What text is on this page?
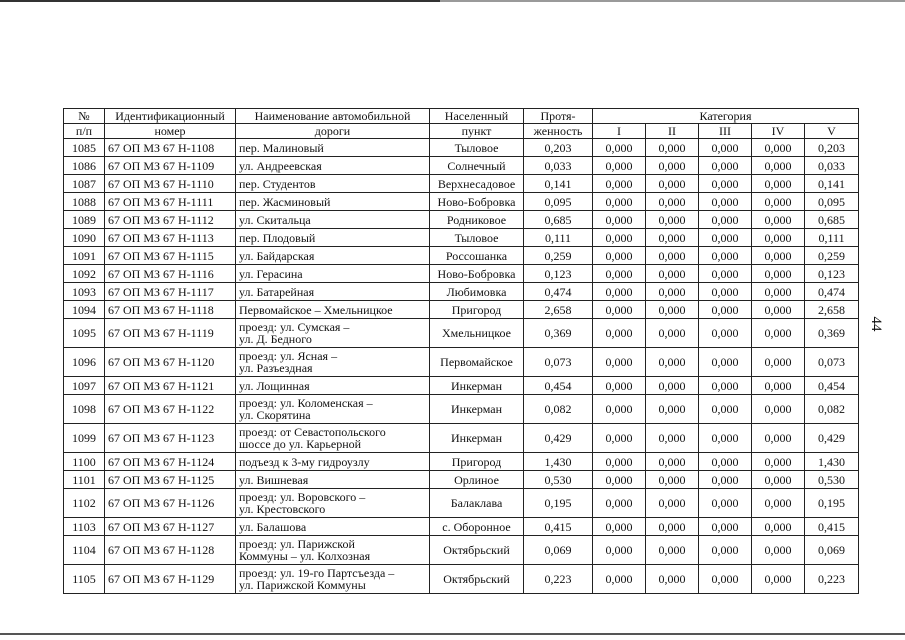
44
№	Идентификационный	Наименование автомобильной	Населенный	Протя-	Категория				
п/п	номер	дороги	пункт	женность	I	II	III	IV	V
1085	67 ОП МЗ 67 Н-1108	пер. Малиновый	Тыловое	0,203	0,000	0,000	0,000	0,000	0,203
1086	67 ОП МЗ 67 Н-1109	ул. Андреевская	Солнечный	0,033	0,000	0,000	0,000	0,000	0,033
1087	67 ОП МЗ 67 Н-1110	пер. Студентов	Верхнесадовое	0,141	0,000	0,000	0,000	0,000	0,141
1088	67 ОП МЗ 67 Н-1111	пер. Жасминовый	Ново-Бобровка	0,095	0,000	0,000	0,000	0,000	0,095
1089	67 ОП МЗ 67 Н-1112	ул. Скитальца	Родниковое	0,685	0,000	0,000	0,000	0,000	0,685
1090	67 ОП МЗ 67 Н-1113	пер. Плодовый	Тыловое	0,111	0,000	0,000	0,000	0,000	0,111
1091	67 ОП МЗ 67 Н-1115	ул. Байдарская	Россошанка	0,259	0,000	0,000	0,000	0,000	0,259
1092	67 ОП МЗ 67 Н-1116	ул. Герасина	Ново-Бобровка	0,123	0,000	0,000	0,000	0,000	0,123
1093	67 ОП МЗ 67 Н-1117	ул. Батарейная	Любимовка	0,474	0,000	0,000	0,000	0,000	0,474
1094	67 ОП МЗ 67 Н-1118	Первомайское – Хмельницкое	Пригород	2,658	0,000	0,000	0,000	0,000	2,658
1095	67 ОП МЗ 67 Н-1119	проезд: ул. Сумская –
ул. Д. Бедного	Хмельницкое	0,369	0,000	0,000	0,000	0,000	0,369
1096	67 ОП МЗ 67 Н-1120	проезд: ул. Ясная –
ул. Разъездная	Первомайское	0,073	0,000	0,000	0,000	0,000	0,073
1097	67 ОП МЗ 67 Н-1121	ул. Лощинная	Инкерман	0,454	0,000	0,000	0,000	0,000	0,454
1098	67 ОП МЗ 67 Н-1122	проезд: ул. Коломенская –
ул. Скорятина	Инкерман	0,082	0,000	0,000	0,000	0,000	0,082
1099	67 ОП МЗ 67 Н-1123	проезд: от Севастопольского
шоссе до ул. Карьерной	Инкерман	0,429	0,000	0,000	0,000	0,000	0,429
1100	67 ОП МЗ 67 Н-1124	подъезд к 3-му гидроузлу	Пригород	1,430	0,000	0,000	0,000	0,000	1,430
1101	67 ОП МЗ 67 Н-1125	ул. Вишневая	Орлиное	0,530	0,000	0,000	0,000	0,000	0,530
1102	67 ОП МЗ 67 Н-1126	проезд: ул. Воровского –
ул. Крестовского	Балаклава	0,195	0,000	0,000	0,000	0,000	0,195
1103	67 ОП МЗ 67 Н-1127	ул. Балашова	с. Оборонное	0,415	0,000	0,000	0,000	0,000	0,415
1104	67 ОП МЗ 67 Н-1128	проезд: ул. Парижской
Коммуны – ул. Колхозная	Октябрьский	0,069	0,000	0,000	0,000	0,000	0,069
1105	67 ОП МЗ 67 Н-1129	проезд: ул. 19-го Партсъезда –
ул. Парижской Коммуны	Октябрьский	0,223	0,000	0,000	0,000	0,000	0,223
